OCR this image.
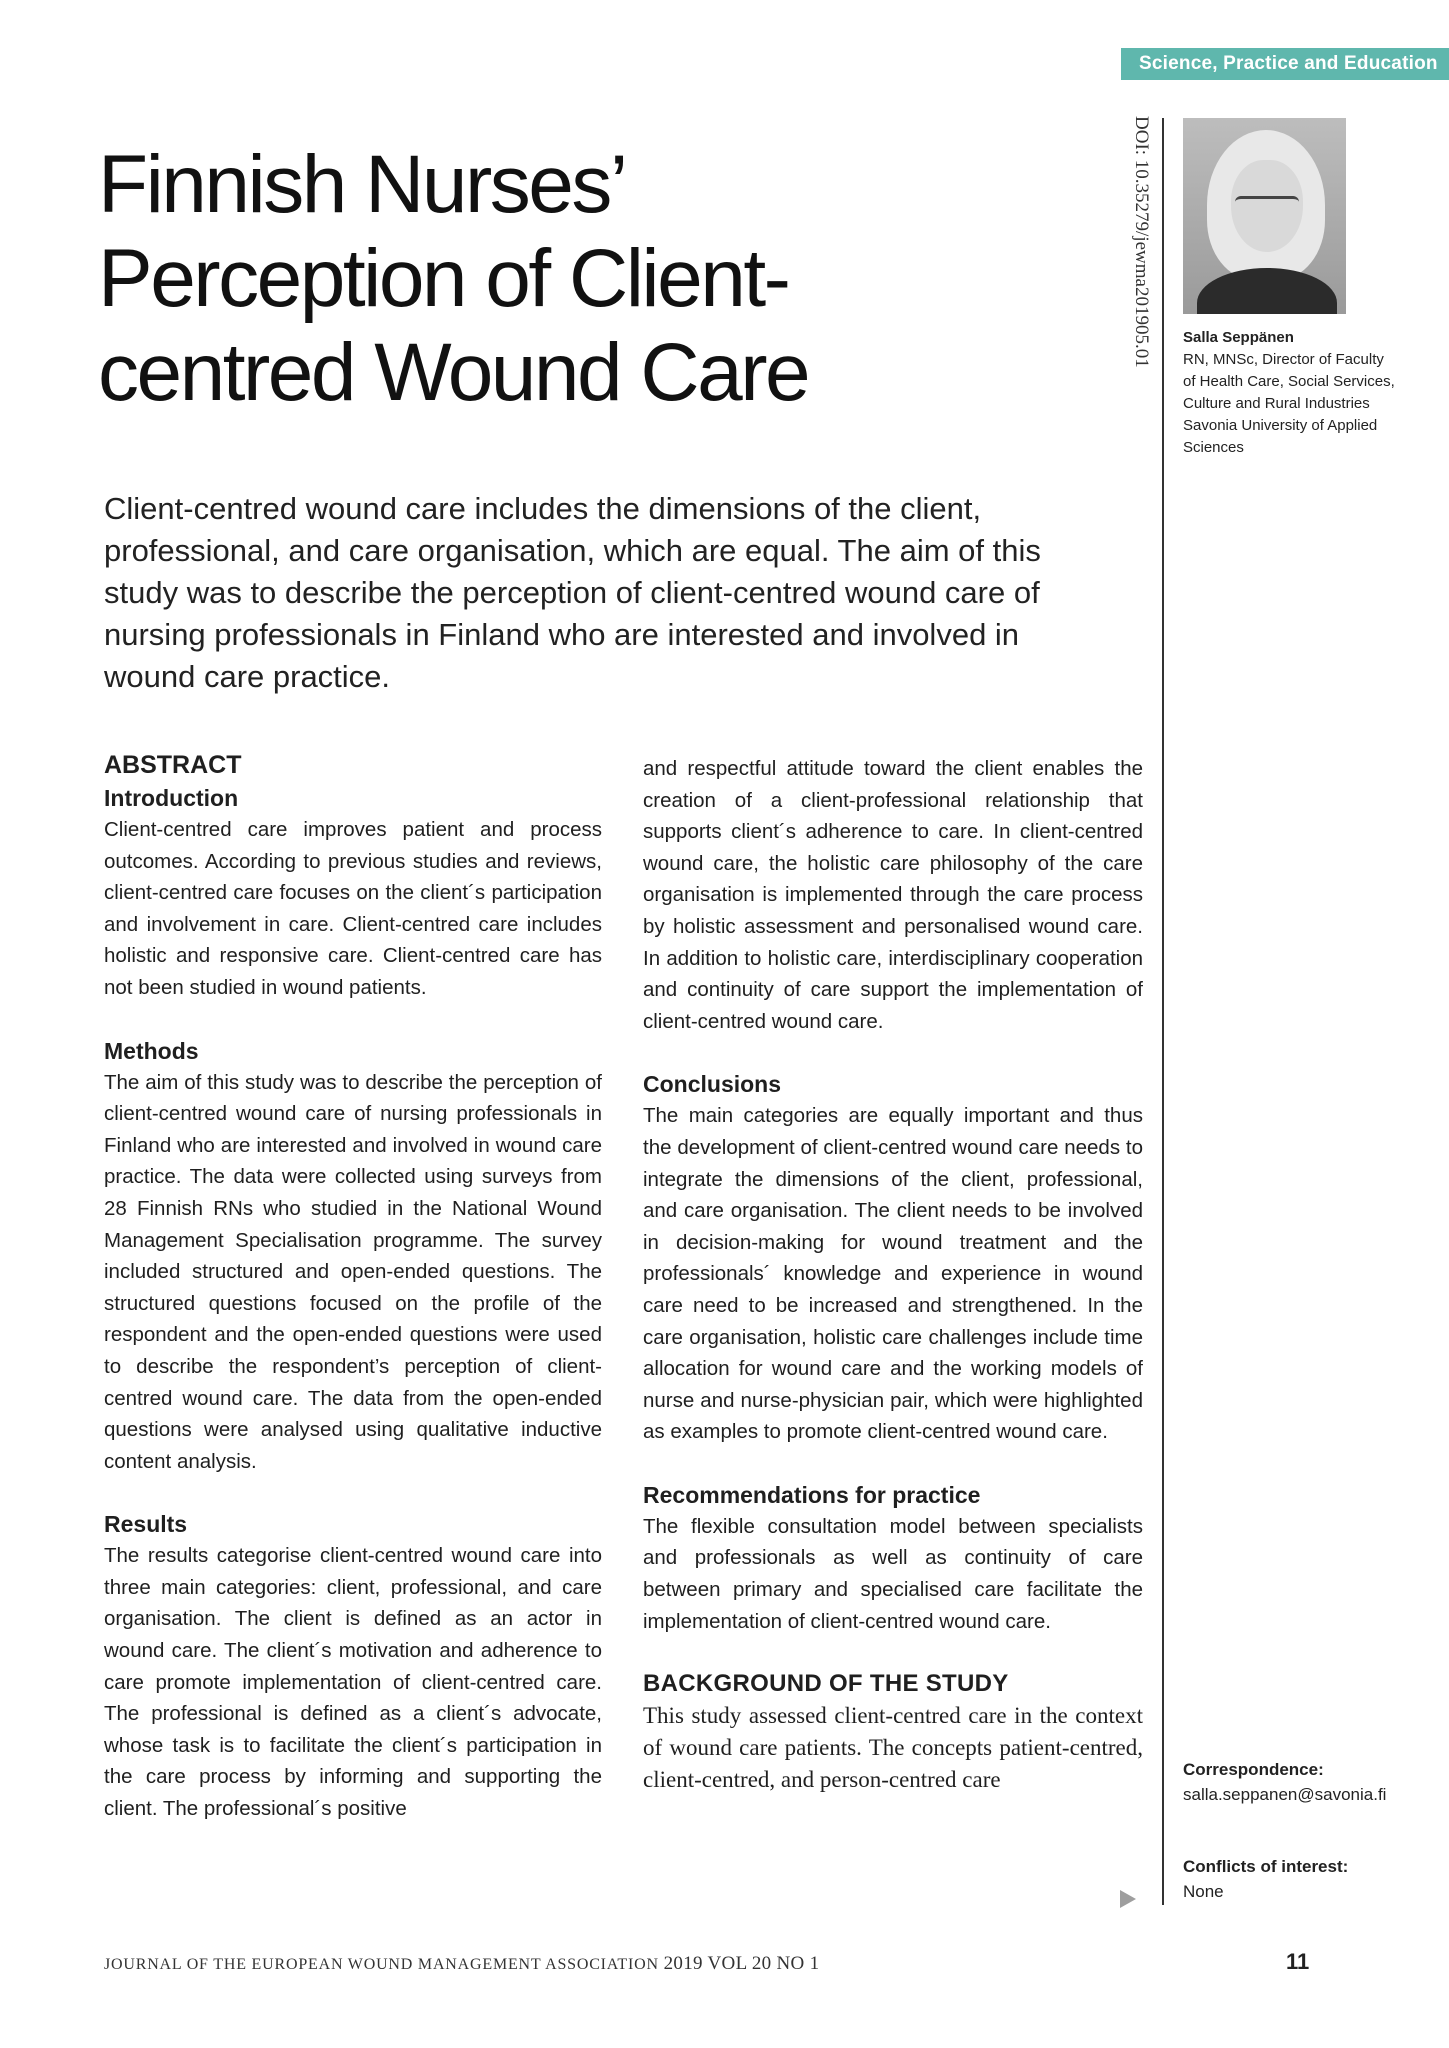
Science, Practice and Education
Finnish Nurses’
Perception of Client-
centred Wound Care
DOI: 10.35279/jewma201905.01 Salla Seppänen
RN, MNSc, Director of Faculty
of Health Care, Social Services,
Culture and Rural Industries
Savonia University of Applied
Sciences

Client-centred wound care includes the dimensions of the client, professional, and care organisation, which are equal. The aim of this study was to describe the perception of client-centred wound care of nursing professionals in Finland who are interested and involved in wound care practice.

ABSTRACT
Introduction

Client-centred care improves patient and process outcomes. According to previous studies and reviews, client-centred care focuses on the client´s participation and involvement in care. Client-centred care includes holistic and responsive care. Client-centred care has not been studied in wound patients.

Methods

The aim of this study was to describe the perception of client-centred wound care of nursing professionals in Finland who are interested and involved in wound care practice. The data were collected using surveys from 28 Finnish RNs who studied in the National Wound Management Specialisation programme. The survey included structured and open-ended questions. The structured questions focused on the profile of the respondent and the open-ended questions were used to describe the respondent’s perception of client-centred wound care. The data from the open-ended questions were analysed using qualitative inductive content analysis.

Results

The results categorise client-centred wound care into three main categories: client, professional, and care organisation. The client is defined as an actor in wound care. The client´s motivation and adherence to care promote implementation of client-centred care. The professional is defined as a client´s advocate, whose task is to facilitate the client´s participation in the care process by informing and supporting the client. The professional´s positive

and respectful attitude toward the client enables the creation of a client-professional relationship that supports client´s adherence to care. In client-centred wound care, the holistic care philosophy of the care organisation is implemented through the care process by holistic assessment and personalised wound care. In addition to holistic care, interdisciplinary cooperation and continuity of care support the implementation of client-centred wound care.

Conclusions

The main categories are equally important and thus the development of client-centred wound care needs to integrate the dimensions of the client, professional, and care organisation. The client needs to be involved in decision-making for wound treatment and the professionals´ knowledge and experience in wound care need to be increased and strengthened. In the care organisation, holistic care challenges include time allocation for wound care and the working models of nurse and nurse-physician pair, which were highlighted as examples to promote client-centred wound care.

Recommendations for practice

The flexible consultation model between specialists and professionals as well as continuity of care between primary and specialised care facilitate the implementation of client-centred wound care.

BACKGROUND OF THE STUDY

This study assessed client-centred care in the context of wound care patients. The concepts patient-centred, client-centred, and person-centred care	Correspondence:
salla.seppanen@savonia.fi
Conflicts of interest:
None
JOURNAL OF THE EUROPEAN WOUND MANAGEMENT ASSOCIATION 2019 VOL 20 NO 1	11
